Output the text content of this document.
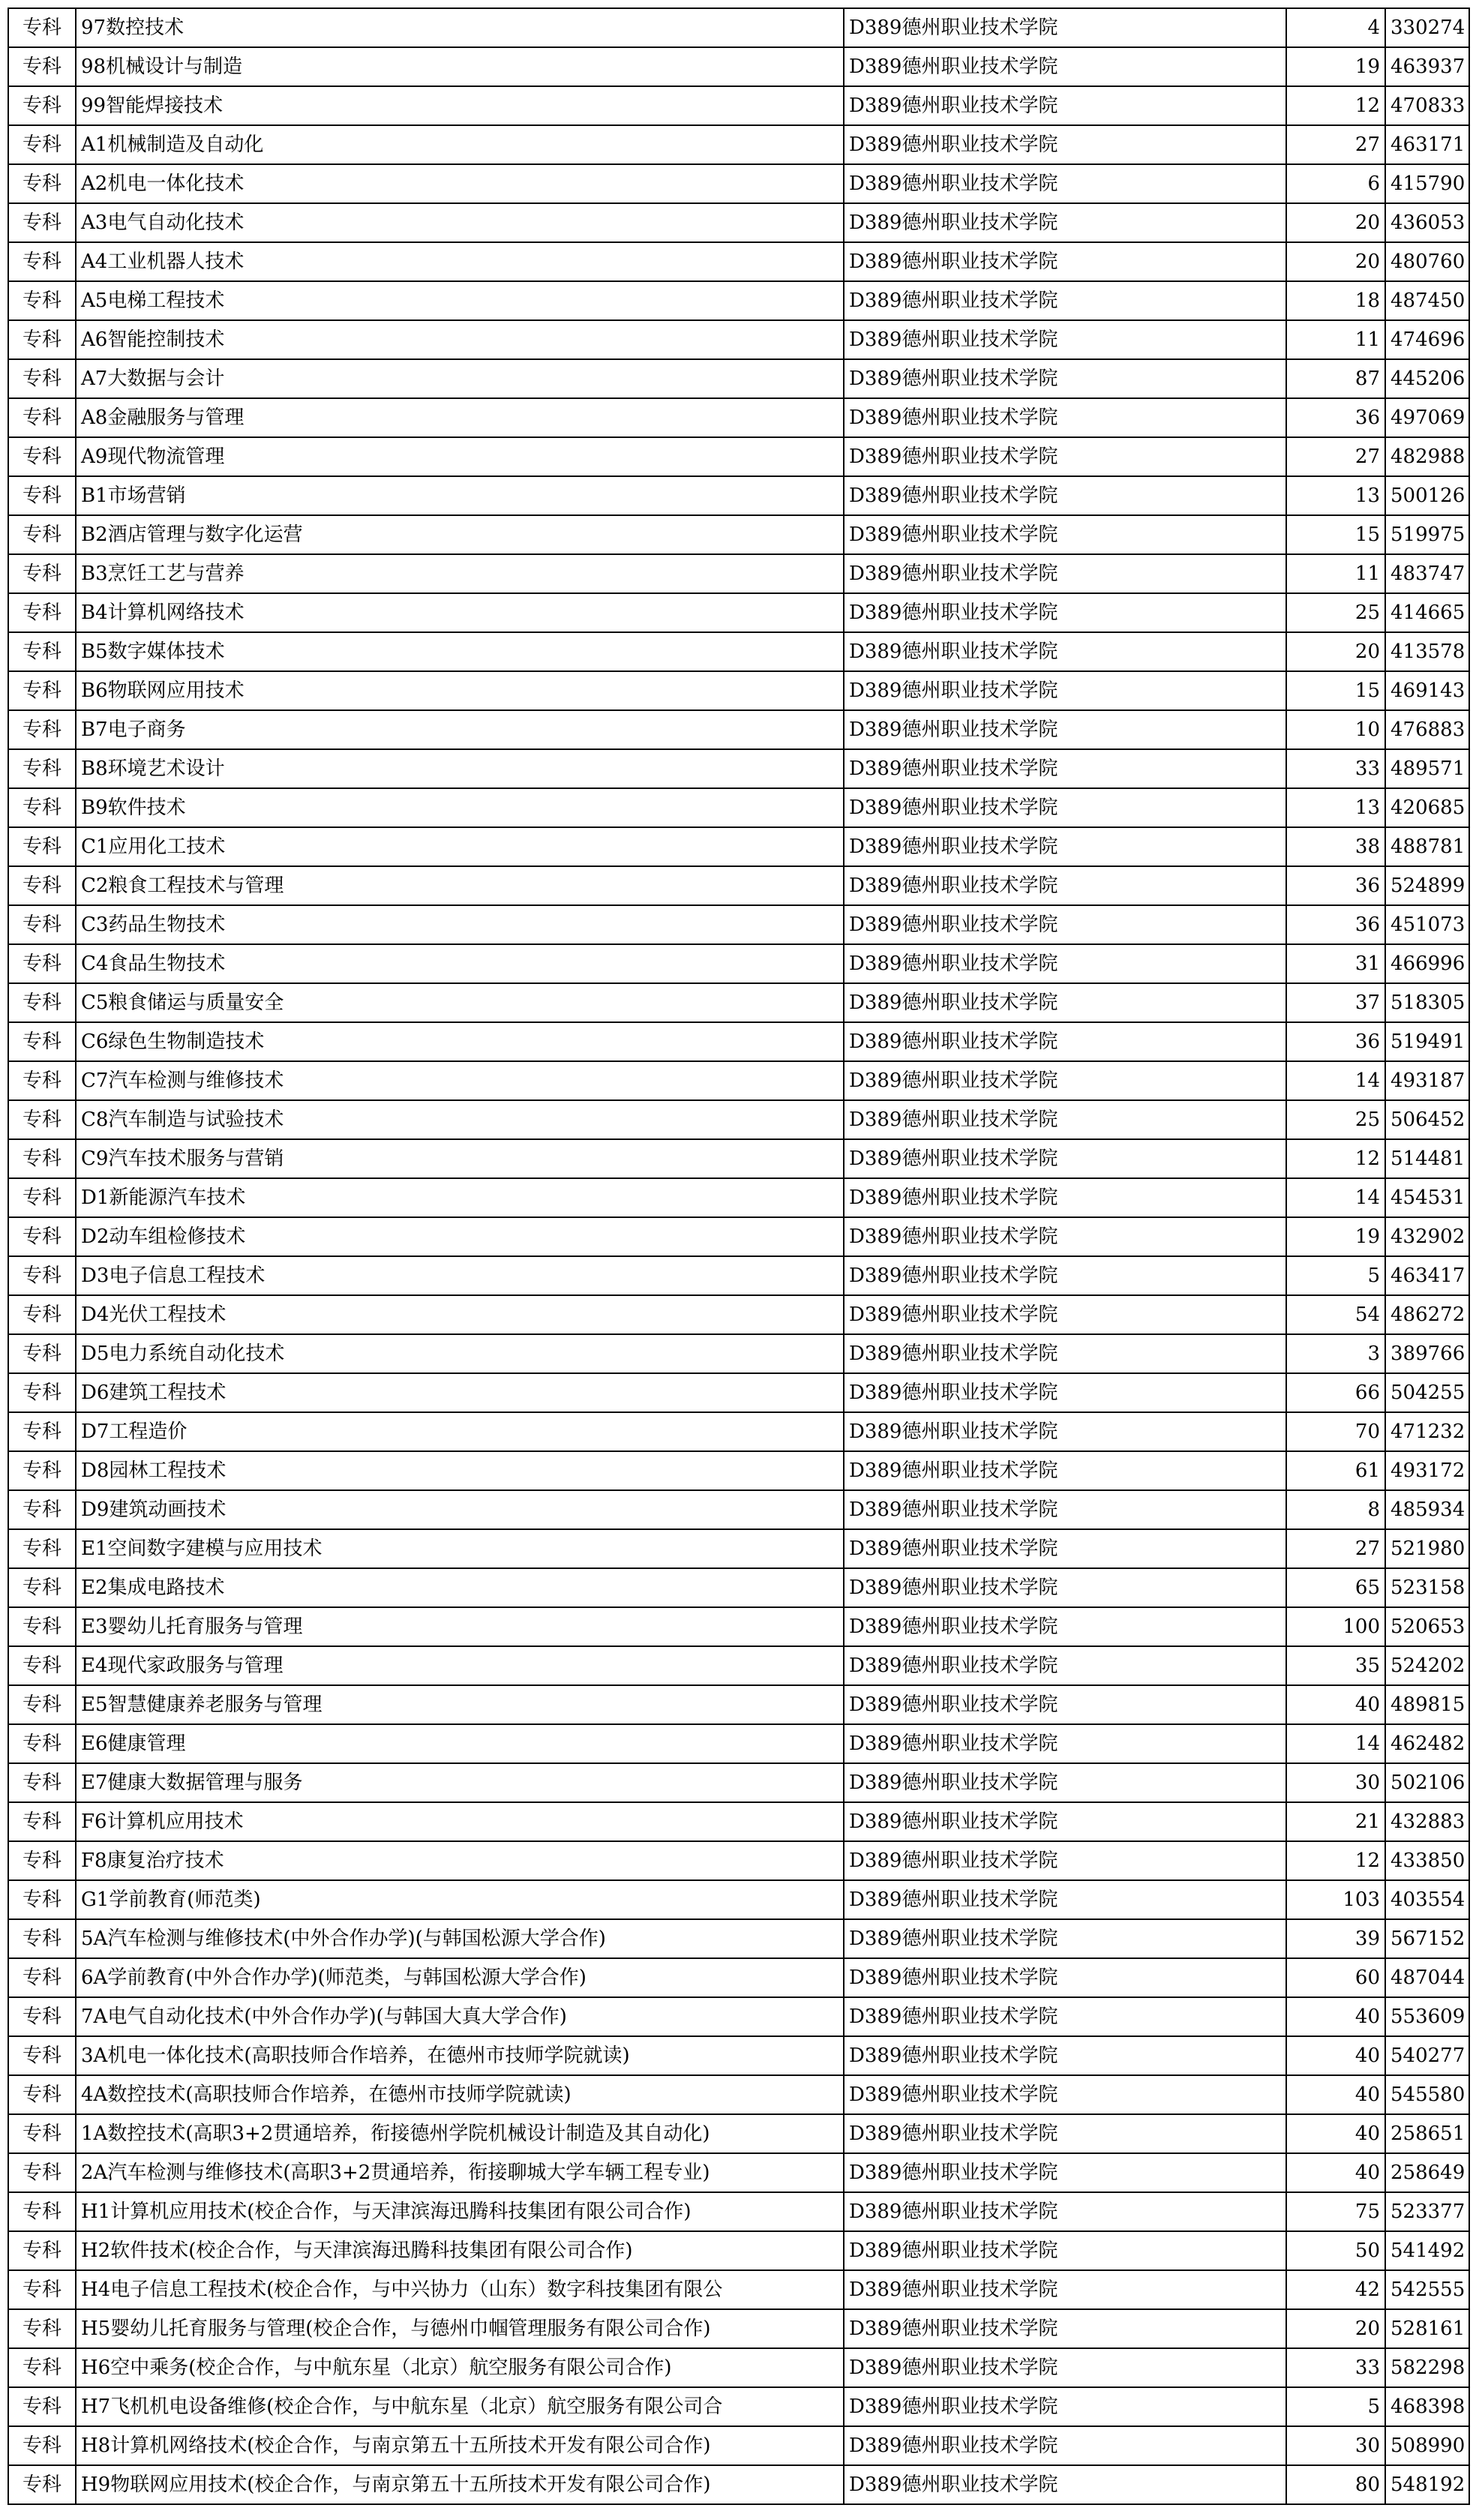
专科	97数控技术	D389德州职业技术学院	4	330274
专科	98机械设计与制造	D389德州职业技术学院	19	463937
专科	99智能焊接技术	D389德州职业技术学院	12	470833
专科	A1机械制造及自动化	D389德州职业技术学院	27	463171
专科	A2机电一体化技术	D389德州职业技术学院	6	415790
专科	A3电气自动化技术	D389德州职业技术学院	20	436053
专科	A4工业机器人技术	D389德州职业技术学院	20	480760
专科	A5电梯工程技术	D389德州职业技术学院	18	487450
专科	A6智能控制技术	D389德州职业技术学院	11	474696
专科	A7大数据与会计	D389德州职业技术学院	87	445206
专科	A8金融服务与管理	D389德州职业技术学院	36	497069
专科	A9现代物流管理	D389德州职业技术学院	27	482988
专科	B1市场营销	D389德州职业技术学院	13	500126
专科	B2酒店管理与数字化运营	D389德州职业技术学院	15	519975
专科	B3烹饪工艺与营养	D389德州职业技术学院	11	483747
专科	B4计算机网络技术	D389德州职业技术学院	25	414665
专科	B5数字媒体技术	D389德州职业技术学院	20	413578
专科	B6物联网应用技术	D389德州职业技术学院	15	469143
专科	B7电子商务	D389德州职业技术学院	10	476883
专科	B8环境艺术设计	D389德州职业技术学院	33	489571
专科	B9软件技术	D389德州职业技术学院	13	420685
专科	C1应用化工技术	D389德州职业技术学院	38	488781
专科	C2粮食工程技术与管理	D389德州职业技术学院	36	524899
专科	C3药品生物技术	D389德州职业技术学院	36	451073
专科	C4食品生物技术	D389德州职业技术学院	31	466996
专科	C5粮食储运与质量安全	D389德州职业技术学院	37	518305
专科	C6绿色生物制造技术	D389德州职业技术学院	36	519491
专科	C7汽车检测与维修技术	D389德州职业技术学院	14	493187
专科	C8汽车制造与试验技术	D389德州职业技术学院	25	506452
专科	C9汽车技术服务与营销	D389德州职业技术学院	12	514481
专科	D1新能源汽车技术	D389德州职业技术学院	14	454531
专科	D2动车组检修技术	D389德州职业技术学院	19	432902
专科	D3电子信息工程技术	D389德州职业技术学院	5	463417
专科	D4光伏工程技术	D389德州职业技术学院	54	486272
专科	D5电力系统自动化技术	D389德州职业技术学院	3	389766
专科	D6建筑工程技术	D389德州职业技术学院	66	504255
专科	D7工程造价	D389德州职业技术学院	70	471232
专科	D8园林工程技术	D389德州职业技术学院	61	493172
专科	D9建筑动画技术	D389德州职业技术学院	8	485934
专科	E1空间数字建模与应用技术	D389德州职业技术学院	27	521980
专科	E2集成电路技术	D389德州职业技术学院	65	523158
专科	E3婴幼儿托育服务与管理	D389德州职业技术学院	100	520653
专科	E4现代家政服务与管理	D389德州职业技术学院	35	524202
专科	E5智慧健康养老服务与管理	D389德州职业技术学院	40	489815
专科	E6健康管理	D389德州职业技术学院	14	462482
专科	E7健康大数据管理与服务	D389德州职业技术学院	30	502106
专科	F6计算机应用技术	D389德州职业技术学院	21	432883
专科	F8康复治疗技术	D389德州职业技术学院	12	433850
专科	G1学前教育(师范类)	D389德州职业技术学院	103	403554
专科	5A汽车检测与维修技术(中外合作办学)(与韩国松源大学合作)	D389德州职业技术学院	39	567152
专科	6A学前教育(中外合作办学)(师范类，与韩国松源大学合作)	D389德州职业技术学院	60	487044
专科	7A电气自动化技术(中外合作办学)(与韩国大真大学合作)	D389德州职业技术学院	40	553609
专科	3A机电一体化技术(高职技师合作培养，在德州市技师学院就读)	D389德州职业技术学院	40	540277
专科	4A数控技术(高职技师合作培养，在德州市技师学院就读)	D389德州职业技术学院	40	545580
专科	1A数控技术(高职3+2贯通培养，衔接德州学院机械设计制造及其自动化)	D389德州职业技术学院	40	258651
专科	2A汽车检测与维修技术(高职3+2贯通培养，衔接聊城大学车辆工程专业)	D389德州职业技术学院	40	258649
专科	H1计算机应用技术(校企合作，与天津滨海迅腾科技集团有限公司合作)	D389德州职业技术学院	75	523377
专科	H2软件技术(校企合作，与天津滨海迅腾科技集团有限公司合作)	D389德州职业技术学院	50	541492
专科	H4电子信息工程技术(校企合作，与中兴协力（山东）数字科技集团有限公	D389德州职业技术学院	42	542555
专科	H5婴幼儿托育服务与管理(校企合作，与德州巾帼管理服务有限公司合作)	D389德州职业技术学院	20	528161
专科	H6空中乘务(校企合作，与中航东星（北京）航空服务有限公司合作)	D389德州职业技术学院	33	582298
专科	H7飞机机电设备维修(校企合作，与中航东星（北京）航空服务有限公司合	D389德州职业技术学院	5	468398
专科	H8计算机网络技术(校企合作，与南京第五十五所技术开发有限公司合作)	D389德州职业技术学院	30	508990
专科	H9物联网应用技术(校企合作，与南京第五十五所技术开发有限公司合作)	D389德州职业技术学院	80	548192
